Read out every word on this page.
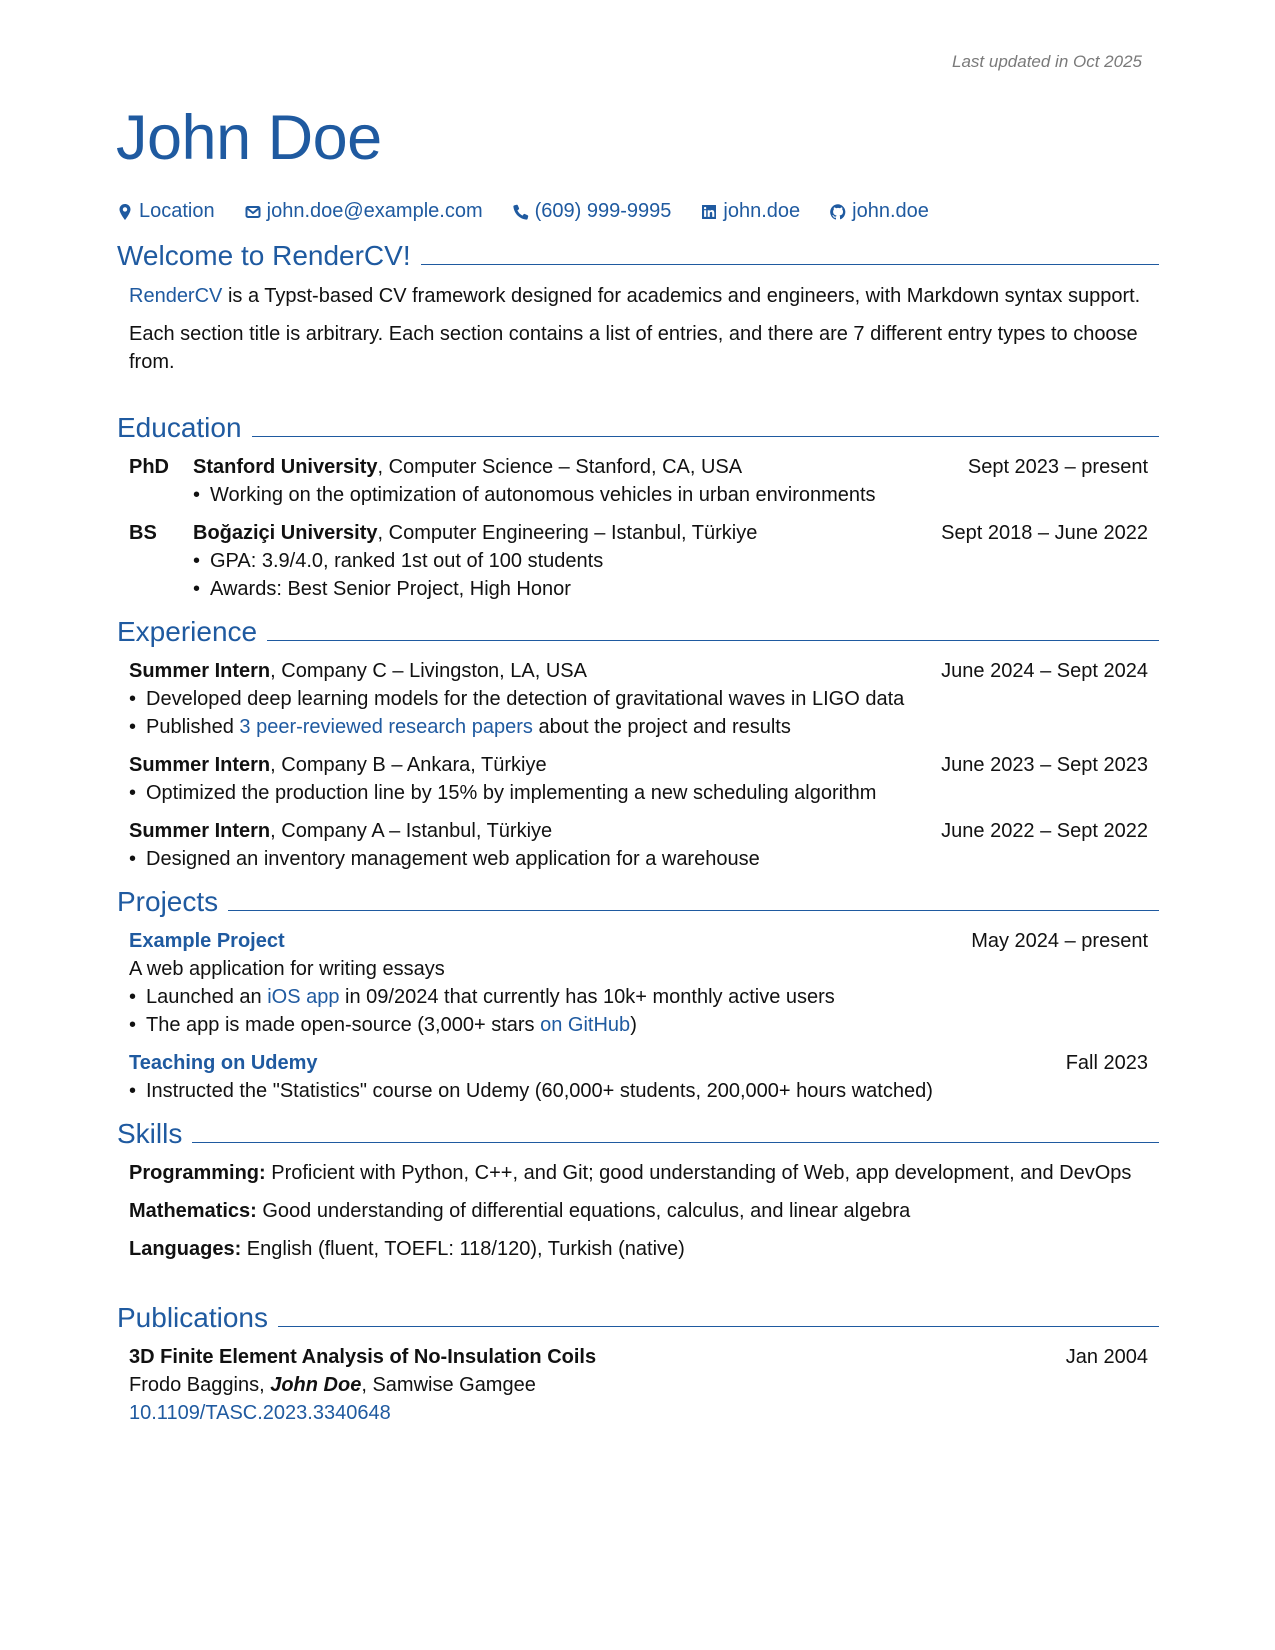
Last updated in Oct 2025
John Doe
Location	john.doe@example.com	(609) 999-9995	john.doe	john.doe
Welcome to RenderCV!
RenderCV is a Typst-based CV framework designed for academics and engineers, with Markdown syntax support.
Each section title is arbitrary. Each section contains a list of entries, and there are 7 different entry types to choose from.
Education
PhD	Stanford University, Computer Science – Stanford, CA, USA	Sept 2023 – present
• Working on the optimization of autonomous vehicles in urban environments
BS	Boğaziçi University, Computer Engineering – Istanbul, Türkiye	Sept 2018 – June 2022
• GPA: 3.9/4.0, ranked 1st out of 100 students
• Awards: Best Senior Project, High Honor
Experience
Summer Intern, Company C – Livingston, LA, USA	June 2024 – Sept 2024
• Developed deep learning models for the detection of gravitational waves in LIGO data
• Published 3 peer-reviewed research papers about the project and results
Summer Intern, Company B – Ankara, Türkiye	June 2023 – Sept 2023
• Optimized the production line by 15% by implementing a new scheduling algorithm
Summer Intern, Company A – Istanbul, Türkiye	June 2022 – Sept 2022
• Designed an inventory management web application for a warehouse
Projects
Example Project	May 2024 – present
A web application for writing essays
• Launched an iOS app in 09/2024 that currently has 10k+ monthly active users
• The app is made open-source (3,000+ stars on GitHub)
Teaching on Udemy	Fall 2023
• Instructed the "Statistics" course on Udemy (60,000+ students, 200,000+ hours watched)
Skills
Programming: Proficient with Python, C++, and Git; good understanding of Web, app development, and DevOps
Mathematics: Good understanding of differential equations, calculus, and linear algebra
Languages: English (fluent, TOEFL: 118/120), Turkish (native)
Publications
3D Finite Element Analysis of No-Insulation Coils	Jan 2004
Frodo Baggins, John Doe, Samwise Gamgee
10.1109/TASC.2023.3340648
